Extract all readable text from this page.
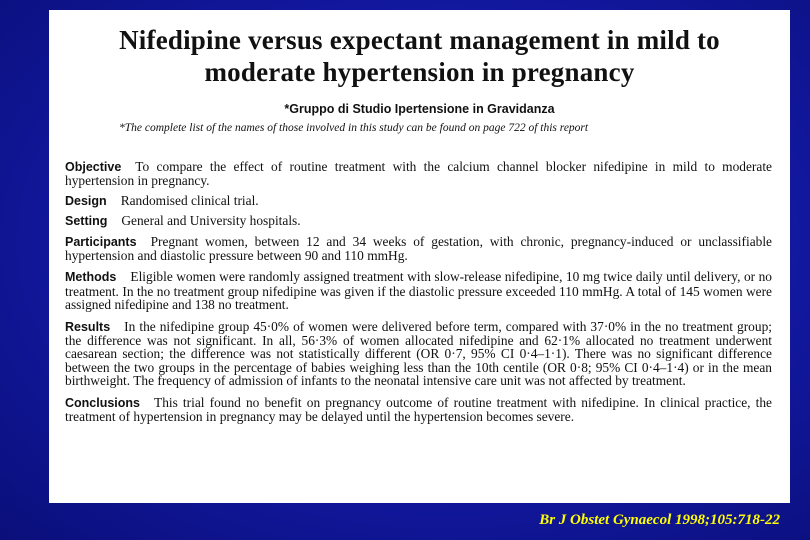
Nifedipine versus expectant management in mild to
moderate hypertension in pregnancy
*Gruppo di Studio Ipertensione in Gravidanza
*The complete list of the names of those involved in this study can be found on page 722 of this report

Objective To compare the effect of routine treatment with the calcium channel blocker nifedipine in mild to moderate hypertension in pregnancy.

Design Randomised clinical trial.

Setting General and University hospitals.

Participants Pregnant women, between 12 and 34 weeks of gestation, with chronic, pregnancy-induced or unclassifiable hypertension and diastolic pressure between 90 and 110 mmHg.

Methods Eligible women were randomly assigned treatment with slow-release nifedipine, 10 mg twice daily until delivery, or no treatment. In the no treatment group nifedipine was given if the diastolic pressure exceeded 110 mmHg. A total of 145 women were assigned nifedipine and 138 no treatment.

Results In the nifedipine group 45·0% of women were delivered before term, compared with 37·0% in the no treatment group; the difference was not significant. In all, 56·3% of women allocated nifedipine and 62·1% allocated no treatment underwent caesarean section; the difference was not statistically different (OR 0·7, 95% CI 0·4–1·1). There was no significant difference between the two groups in the percentage of babies weighing less than the 10th centile (OR 0·8; 95% CI 0·4–1·4) or in the mean birthweight. The frequency of admission of infants to the neonatal intensive care unit was not affected by treatment.

Conclusions This trial found no benefit on pregnancy outcome of routine treatment with nifedipine. In clinical practice, the treatment of hypertension in pregnancy may be delayed until the hypertension becomes severe.

Br J Obstet Gynaecol 1998;105:718-22
